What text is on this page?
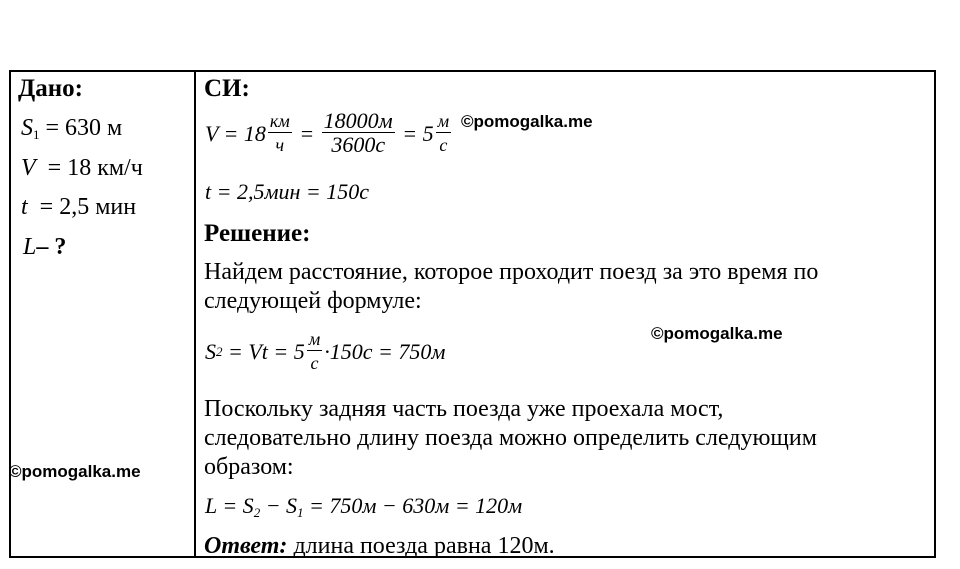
Дано:
$S_1 = 630$ м
V  = 18 км/ч
t  = 2,5 мин
L– ?
СИ:
$V = 18 \frac{км}{ч} = \frac{18000м}{3600с} = 5 \frac{м}{с}$
t = 2,5мин = 150с
Решение:
Найдем расстояние, которое проходит поезд за это время по
следующей формуле:
S $2 = Vt = 5 \frac{м}{с} \cdot 150с = 750м$
Поскольку задняя часть поезда уже проехала мост,
следовательно длину поезда можно определить следующим
образом:
$L = S_2 - S_1 = 750м - 630м = 120м$
Ответ: длина поезда равна 120м.
©pomogalka.me
©pomogalka.me
©pomogalka.me
